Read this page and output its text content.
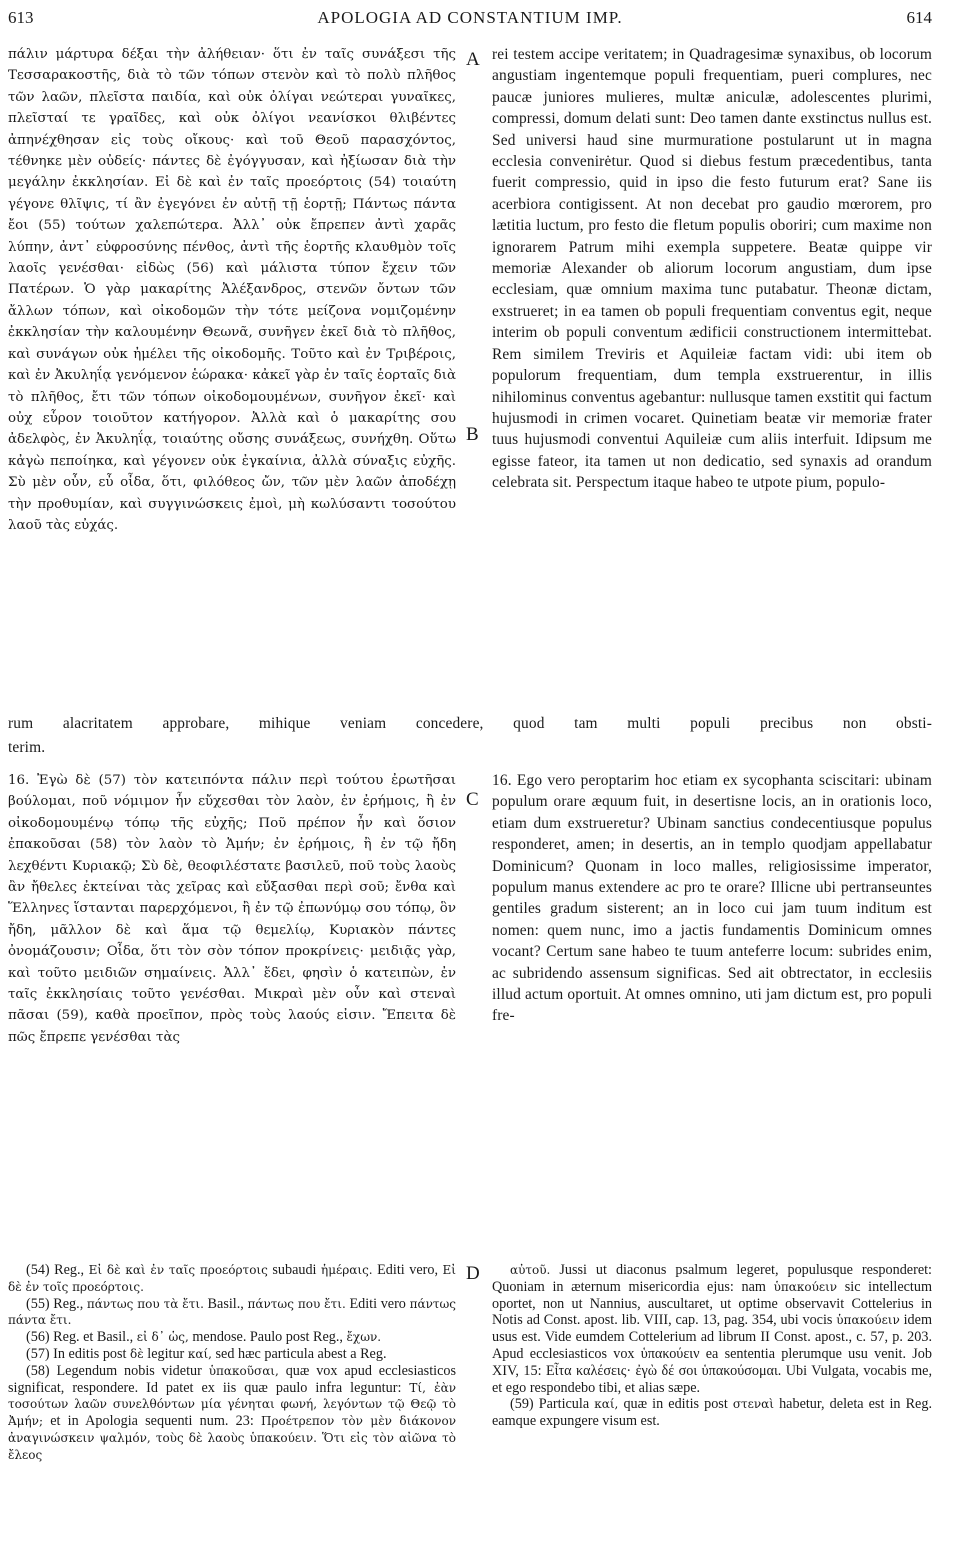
613	APOLOGIA AD CONSTANTIUM IMP.	614
πάλιν μάρτυρα δέξαι τὴν ἀλήθειαν· ὅτι ἐν ταῖς συνάξεσι τῆς Τεσσαρακοστῆς, διὰ τὸ τῶν τόπων στενὸν καὶ τὸ πολὺ πλῆθος τῶν λαῶν, πλεῖστα παιδία, καὶ οὐκ ὀλίγαι νεώτεραι γυναῖκες, πλεῖσταί τε γραῖδες, καὶ οὐκ ὀλίγοι νεανίσκοι θλιβέντες ἀπηνέχθησαν εἰς τοὺς οἴκους· καὶ τοῦ Θεοῦ παρασχόντος, τέθνηκε μὲν οὐδείς· πάντες δὲ ἐγόγγυσαν, καὶ ἠξίωσαν διὰ τὴν μεγάλην ἐκκλησίαν. Εἰ δὲ καὶ ἐν ταῖς προεόρτοις (54) τοιαύτη γέγονε θλῖψις, τί ἂν ἐγεγόνει ἐν αὐτῇ τῇ ἑορτῇ; Πάντως πάντα ἔοι (55) τούτων χαλεπώτερα. Ἀλλ᾽ οὐκ ἔπρεπεν ἀντὶ χαρᾶς λύπην, ἀντ᾽ εὐφροσύνης πένθος, ἀντὶ τῆς ἑορτῆς κλαυθμὸν τοῖς λαοῖς γενέσθαι· εἰδὼς (56) καὶ μάλιστα τύπον ἔχειν τῶν Πατέρων. Ὁ γὰρ μακαρίτης Ἀλέξανδρος, στενῶν ὄντων τῶν ἄλλων τόπων, καὶ οἰκοδομῶν τὴν τότε μείζονα νομιζομένην ἐκκλησίαν τὴν καλουμένην Θεωνᾶ, συνῆγεν ἐκεῖ διὰ τὸ πλῆθος, καὶ συνάγων οὐκ ἠμέλει τῆς οἰκοδομῆς. Τοῦτο καὶ ἐν Τριβέροις, καὶ ἐν Ἀκυληΐᾳ γενόμενον ἑώρακα· κἀκεῖ γὰρ ἐν ταῖς ἑορταῖς διὰ τὸ πλῆθος, ἔτι τῶν τόπων οἰκοδομουμένων, συνῆγον ἐκεῖ· καὶ οὐχ εὗρον τοιοῦτον κατήγορον. Ἀλλὰ καὶ ὁ μακαρίτης σου ἀδελφὸς, ἐν Ἀκυληΐᾳ, τοιαύτης οὔσης συνάξεως, συνήχθη. Οὕτω κἀγὼ πεποίηκα, καὶ γέγονεν οὐκ ἐγκαίνια, ἀλλὰ σύναξις εὐχῆς. Σὺ μὲν οὖν, εὖ οἶδα, ὅτι, φιλόθεος ὤν, τῶν μὲν λαῶν ἀποδέχῃ τὴν προθυμίαν, καὶ συγγινώσκεις ἐμοὶ, μὴ κωλύσαντι τοσούτου λαοῦ τὰς εὐχάς.
A rei testem accipe veritatem; in Quadragesimæ synaxibus, ob locorum angustiam ingentemque populi frequentiam, pueri complures, nec paucæ juniores mulieres, multæ aniculæ, adolescentes plurimi, compressi, domum delati sunt: Deo tamen dante exstinctus nullus est. Sed universi haud sine murmuratione postularunt ut in magna ecclesia convenirėtur. Quod si diebus festum præcedentibus, tanta fuerit compressio, quid in ipso die festo futurum erat? Sane iis acerbiora contigissent. At non decebat pro gaudio mœrorem, pro lætitia luctum, pro festo die fletum populis oboriri; cum maxime non ignorarem Patrum mihi exempla suppetere. Beatæ quippe vir memoriæ Alexander ob aliorum locorum angustiam, dum ipse ecclesiam, quæ omnium maxima tunc putabatur. Theonæ dictam, exstrueret; in ea tamen ob populi frequentiam conventus egit, neque interim ob populi conventum ædificii constructionem intermittebat. Rem similem Treviris et Aquileiæ factam vidi: ubi item ob populorum frequentiam, dum templa exstruerentur, in illis nihilominus conventus agebantur: nullusque tamen exstitit qui factum hujusmodi in crimen vocaret. Quinetiam beatæ vir memoriæ frater tuus hujusmodi conventui Aquileiæ cum aliis interfuit. Idipsum me egisse fateor, ita tamen ut non dedicatio, sed synaxis ad orandum celebrata sit. Perspectum itaque habeo te utpote pium, populo-
B
rum alacritatem approbare, mihique veniam concedere, quod tam multi populi precibus non obsti-
terim.
16. Ἐγὼ δὲ (57) τὸν κατειπόντα πάλιν περὶ τούτου ἐρωτῆσαι βούλομαι, ποῦ νόμιμον ἦν εὔχεσθαι τὸν λαὸν, ἐν ἐρήμοις, ἢ ἐν οἰκοδομουμένῳ τόπῳ τῆς εὐχῆς; Ποῦ πρέπον ἦν καὶ ὅσιον ἐπακοῦσαι (58) τὸν λαὸν τὸ Ἀμήν; ἐν ἐρήμοις, ἢ ἐν τῷ ἤδη λεχθέντι Κυριακῷ; Σὺ δὲ, θεοφιλέστατε βασιλεῦ, ποῦ τοὺς λαοὺς ἂν ἤθελες ἐκτείναι τὰς χεῖρας καὶ εὔξασθαι περὶ σοῦ; ἔνθα καὶ Ἕλληνες ἵστανται παρερχόμενοι, ἢ ἐν τῷ ἐπωνύμῳ σου τόπῳ, ὃν ἤδη, μᾶλλον δὲ καὶ ἅμα τῷ θεμελίῳ, Κυριακὸν πάντες ὀνομάζουσιν; Οἶδα, ὅτι τὸν σὸν τόπον προκρίνεις· μειδιᾷς γὰρ, καὶ τοῦτο μειδιῶν σημαίνεις. Ἀλλ᾽ ἔδει, φησὶν ὁ κατειπὼν, ἐν ταῖς ἐκκλησίαις τοῦτο γενέσθαι. Μικραὶ μὲν οὖν καὶ στεναὶ πᾶσαι (59), καθὰ προεῖπον, πρὸς τοὺς λαούς εἰσιν. Ἔπειτα δὲ πῶς ἔπρεπε γενέσθαι τὰς
C
16. Ego vero peroptarim hoc etiam ex sycophanta sciscitari: ubinam populum orare æquum fuit, in desertisne locis, an in orationis loco, etiam dum exstrueretur? Ubinam sanctius condecentiusque populus responderet, amen; in desertis, an in templo quodjam appellabatur Dominicum? Quonam in loco malles, religiosissime imperator, populum manus extendere ac pro te orare? Illicne ubi pertranseuntes gentiles gradum sisterent; an in loco cui jam tuum inditum est nomen: quem nunc, imo a jactis fundamentis Dominicum omnes vocant? Certum sane habeo te tuum anteferre locum: subrides enim, ac subridendo assensum significas. Sed ait obtrectator, in ecclesiis illud actum oportuit. At omnes omnino, uti jam dictum est, pro populi fre-
D

(54) Reg., Εἰ δὲ καὶ ἐν ταῖς προεόρτοις subaudi ἡμέραις. Editi vero, Εἰ δὲ ἐν τοῖς προεόρτοις.

(55) Reg., πάντως που τὰ ἔτι. Basil., πάντως που ἔτι. Editi vero πάντως πάντα ἔτι.

(56) Reg. et Basil., εἰ δ᾽ ὡς, mendose. Paulo post Reg., ἔχων.

(57) In editis post δὲ legitur καί, sed hæc particula abest a Reg.

(58) Legendum nobis videtur ὑπακοῦσαι, quæ vox apud ecclesiasticos significat, respondere. Id patet ex iis quæ paulo infra leguntur: Τί, ἐὰν τοσούτων λαῶν συνελθόντων μία γένηται φωνή, λεγόντων τῷ Θεῷ τὸ Ἀμήν; et in Apologia sequenti num. 23: Προέτρεπον τὸν μὲν διάκονον ἀναγινώσκειν ψαλμόν, τοὺς δὲ λαοὺς ὑπακούειν. Ὅτι εἰς τὸν αἰῶνα τὸ ἔλεος

αὐτοῦ. Jussi ut diaconus psalmum legeret, populusque responderet: Quoniam in æternum misericordia ejus: nam ὑπακούειν sic intellectum oportet, non ut Nannius, auscultaret, ut optime observavit Cottelerius in Notis ad Const. apost. lib. VIII, cap. 13, pag. 354, ubi vocis ὑπακούειν idem usus est. Vide eumdem Cottelerium ad librum II Const. apost., c. 57, p. 203. Apud ecclesiasticos vox ὑπακούειν ea sententia plerumque usu venit. Job XIV, 15: Εἶτα καλέσεις· ἐγὼ δέ σοι ὑπακούσομαι. Ubi Vulgata, vocabis me, et ego respondebo tibi, et alias sæpe.

(59) Particula καί, quæ in editis post στεναὶ habetur, deleta est in Reg. eamque expungere visum est.
